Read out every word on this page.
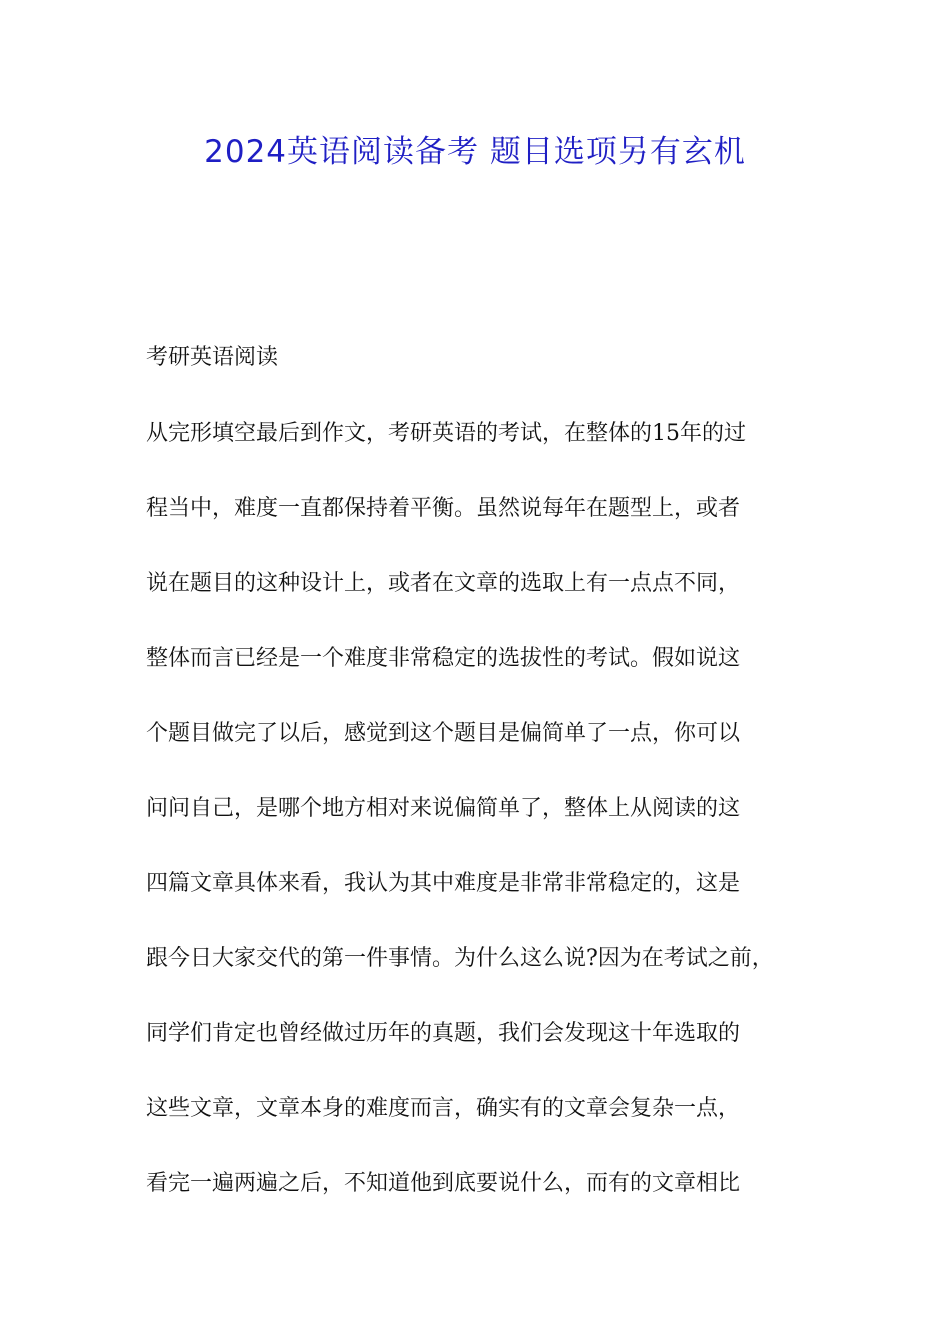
2024英语阅读备考 题目选项另有玄机
考研英语阅读
从完形填空最后到作文，考研英语的考试，在整体的15年的过
程当中，难度一直都保持着平衡。虽然说每年在题型上，或者
说在题目的这种设计上，或者在文章的选取上有一点点不同，
整体而言已经是一个难度非常稳定的选拔性的考试。假如说这
个题目做完了以后，感觉到这个题目是偏简单了一点，你可以
问问自己，是哪个地方相对来说偏简单了，整体上从阅读的这
四篇文章具体来看，我认为其中难度是非常非常稳定的，这是
跟今日大家交代的第一件事情。为什么这么说?因为在考试之前，
同学们肯定也曾经做过历年的真题，我们会发现这十年选取的
这些文章，文章本身的难度而言，确实有的文章会复杂一点，
看完一遍两遍之后，不知道他到底要说什么，而有的文章相比
